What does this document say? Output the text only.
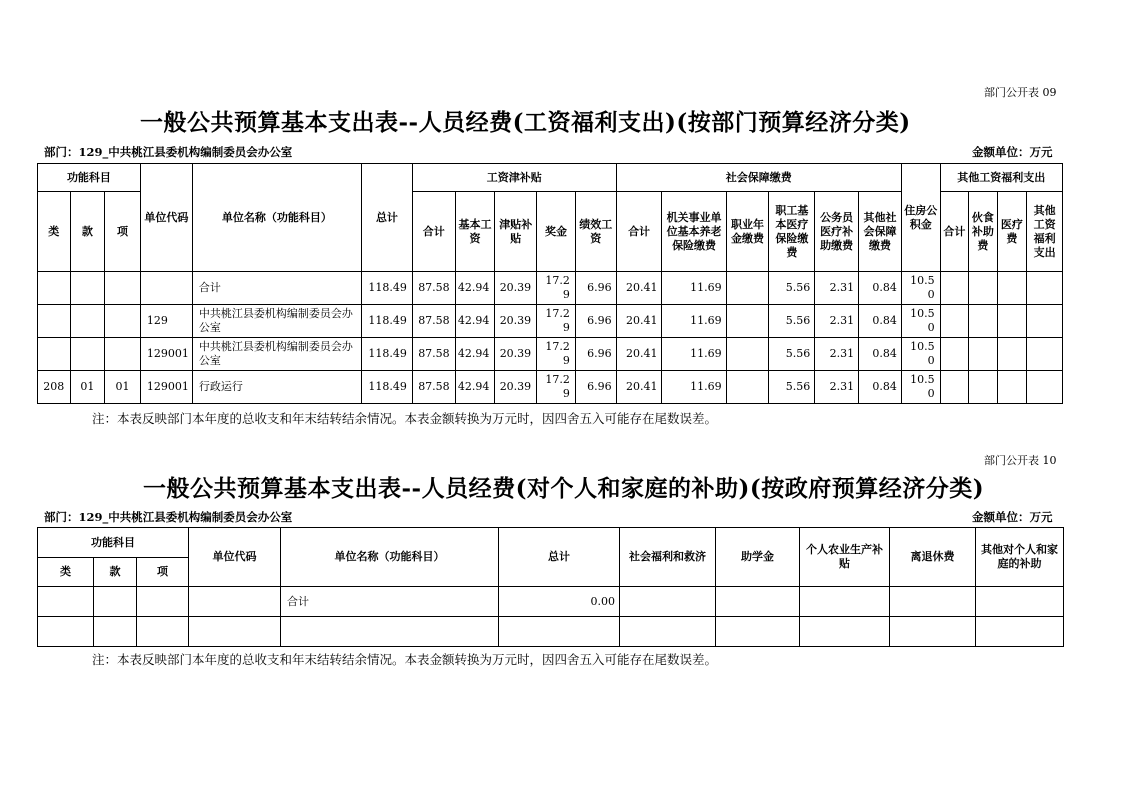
部门公开表 09
一般公共预算基本支出表--人员经费(工资福利支出)(按部门预算经济分类)
部门：129_中共桃江县委机构编制委员会办公室	金额单位：万元
功能科目			单位代码	单位名称（功能科目）	总计	工资津补贴					社会保障缴费						住房公积金	其他工资福利支出			
类	款	项				合计	基本工资	津贴补贴	奖金	绩效工资	合计	机关事业单位基本养老保险缴费	职业年金缴费	职工基本医疗保险缴费	公务员医疗补助缴费	其他社会保障缴费		合计	伙食补助费	医疗费	其他工资福利支出
				合计	118.49	87.58	42.94	20.39	17.29	6.96	20.41	11.69		5.56	2.31	0.84	10.50				
			129	中共桃江县委机构编制委员会办公室	118.49	87.58	42.94	20.39	17.29	6.96	20.41	11.69		5.56	2.31	0.84	10.50				
			129001	中共桃江县委机构编制委员会办公室	118.49	87.58	42.94	20.39	17.29	6.96	20.41	11.69		5.56	2.31	0.84	10.50				
208	01	01	129001	行政运行	118.49	87.58	42.94	20.39	17.29	6.96	20.41	11.69		5.56	2.31	0.84	10.50				
注：本表反映部门本年度的总收支和年末结转结余情况。本表金额转换为万元时，因四舍五入可能存在尾数误差。
部门公开表 10
一般公共预算基本支出表--人员经费(对个人和家庭的补助)(按政府预算经济分类)
部门：129_中共桃江县委机构编制委员会办公室	金额单位：万元
功能科目			单位代码	单位名称（功能科目）	总计	社会福利和救济	助学金	个人农业生产补贴	离退休费	其他对个人和家庭的补助
类	款	项								
				合计	0.00					

注：本表反映部门本年度的总收支和年末结转结余情况。本表金额转换为万元时，因四舍五入可能存在尾数误差。
